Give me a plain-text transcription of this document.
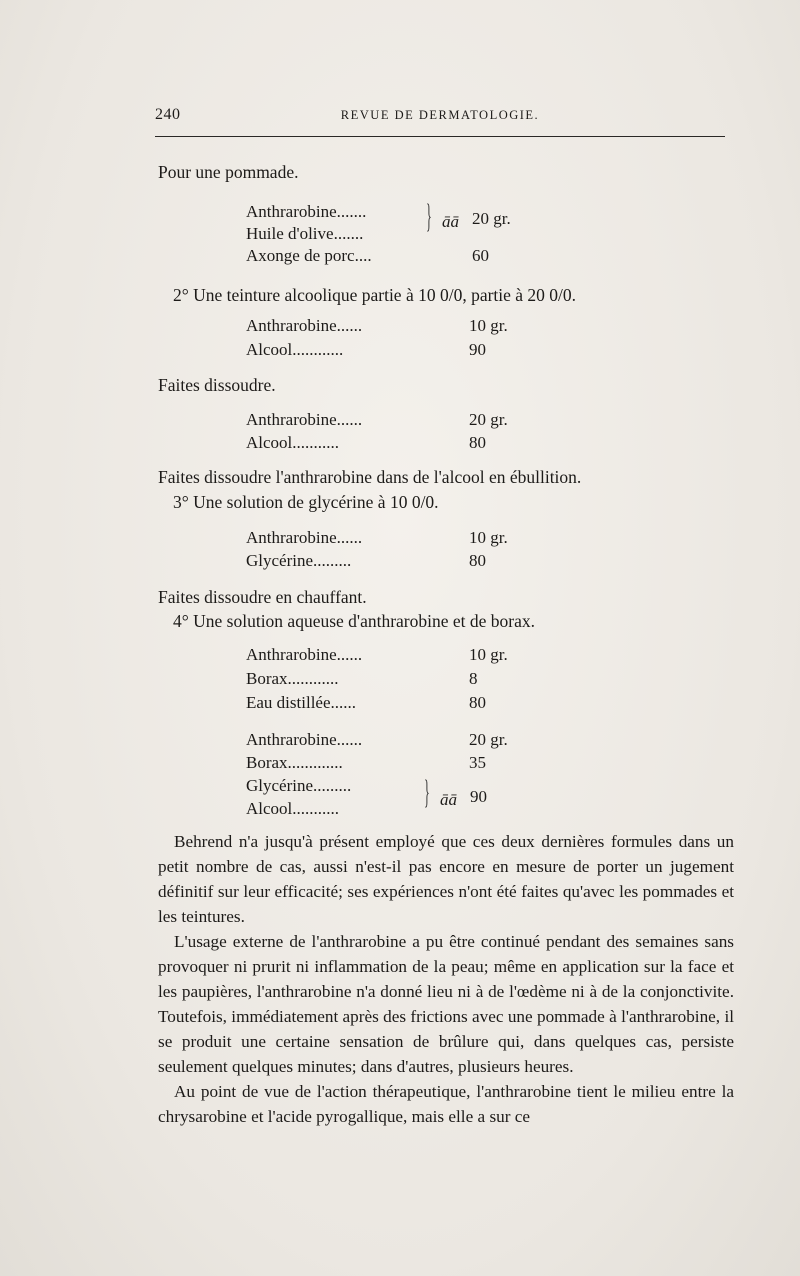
240	REVUE DE DERMATOLOGIE.
Pour une pommade.
Anthrarobine.......
Huile d'olive....... } āā 20 gr.
Axonge de porc....	60
2° Une teinture alcoolique partie à 10 0/0, partie à 20 0/0.
Anthrarobine......	10 gr.
Alcool............	90
Faites dissoudre.
Anthrarobine......	20 gr.
Alcool...........	80
Faites dissoudre l'anthrarobine dans de l'alcool en ébullition.
3° Une solution de glycérine à 10 0/0.
Anthrarobine......	10 gr.
Glycérine.........	80
Faites dissoudre en chauffant.
4° Une solution aqueuse d'anthrarobine et de borax.
Anthrarobine......	10 gr.
Borax............	8
Eau distillée......	80
Anthrarobine......	20 gr.
Borax.............	35
Glycérine.........
Alcool........... } āā 90

Behrend n'a jusqu'à présent employé que ces deux dernières formules dans un petit nombre de cas, aussi n'est-il pas encore en mesure de porter un jugement définitif sur leur efficacité; ses expériences n'ont été faites qu'avec les pommades et les teintures.

L'usage externe de l'anthrarobine a pu être continué pendant des semaines sans provoquer ni prurit ni inflammation de la peau; même en application sur la face et les paupières, l'anthrarobine n'a donné lieu ni à de l'œdème ni à de la conjonctivite. Toutefois, immédiatement après des frictions avec une pommade à l'anthrarobine, il se produit une certaine sensation de brûlure qui, dans quelques cas, persiste seulement quelques minutes; dans d'autres, plusieurs heures.

Au point de vue de l'action thérapeutique, l'anthrarobine tient le milieu entre la chrysarobine et l'acide pyrogallique, mais elle a sur ce
